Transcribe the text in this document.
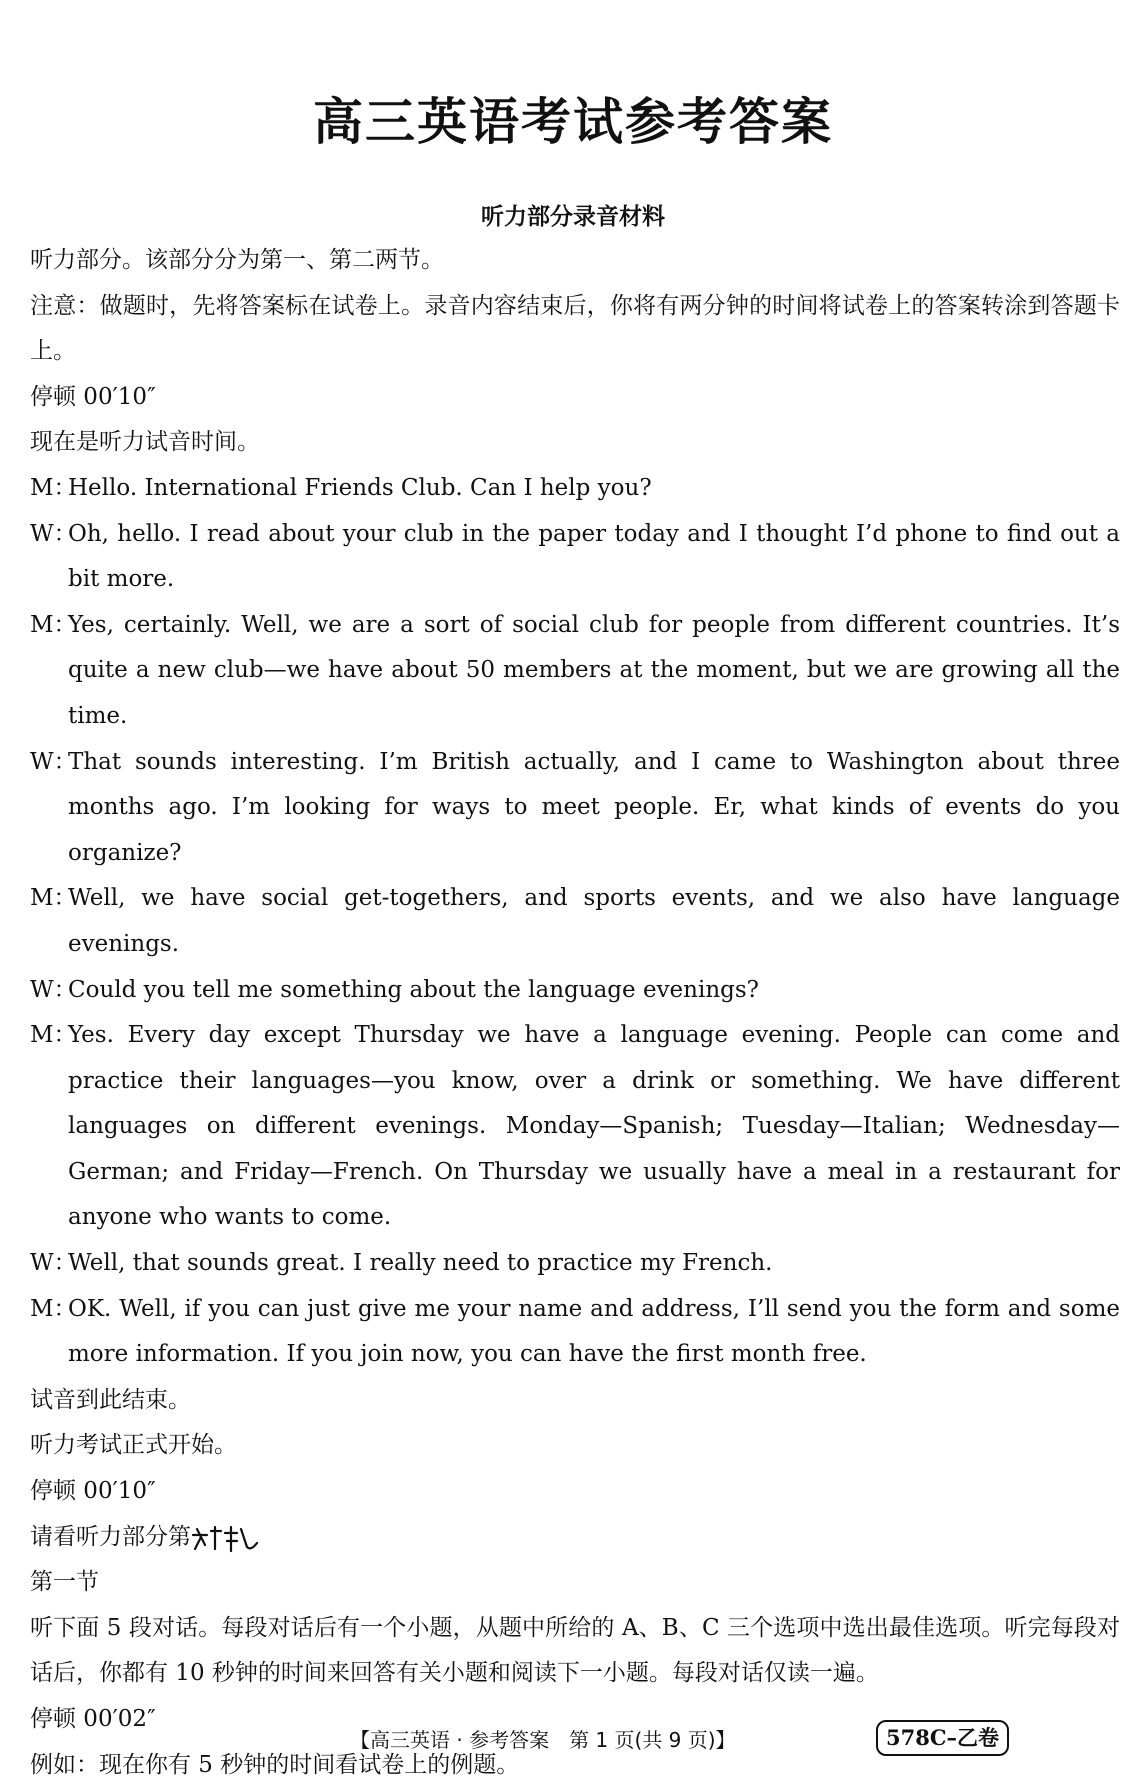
高三英语考试参考答案
听力部分录音材料

听力部分。该部分分为第一、第二两节。

注意：做题时，先将答案标在试卷上。录音内容结束后，你将有两分钟的时间将试卷上的答案转涂到答题卡上。

停顿 00′10″

现在是听力试音时间。

M：
Hello. International Friends Club. Can I help you?

W：
Oh, hello. I read about your club in the paper today and I thought I’d phone to find out a bit more.

M：
Yes, certainly. Well, we are a sort of social club for people from different countries. It’s quite a new club—we have about 50 members at the moment, but we are growing all the time.

W：
That sounds interesting. I’m British actually, and I came to Washington about three months ago. I’m looking for ways to meet people. Er, what kinds of events do you organize?

M：
Well, we have social get-togethers, and sports events, and we also have language evenings.

W：
Could you tell me something about the language evenings?

M：
Yes. Every day except Thursday we have a language evening. People can come and practice their languages—you know, over a drink or something. We have different languages on different evenings. Monday—Spanish; Tuesday—Italian; Wednesday—German; and Friday—French. On Thursday we usually have a meal in a restaurant for anyone who wants to come.

W：
Well, that sounds great. I really need to practice my French.

M：
OK. Well, if you can just give me your name and address, I’ll send you the form and some more information. If you join now, you can have the first month free.

试音到此结束。

听力考试正式开始。

停顿 00′10″

请看听力部分第

第一节

听下面 5 段对话。每段对话后有一个小题，从题中所给的 A、B、C 三个选项中选出最佳选项。听完每段对话后，你都有 10 秒钟的时间来回答有关小题和阅读下一小题。每段对话仅读一遍。

停顿 00′02″

例如：现在你有 5 秒钟的时间看试卷上的例题。

【高三英语 · 参考答案　第 1 页(共 9 页)】	578C–乙卷
